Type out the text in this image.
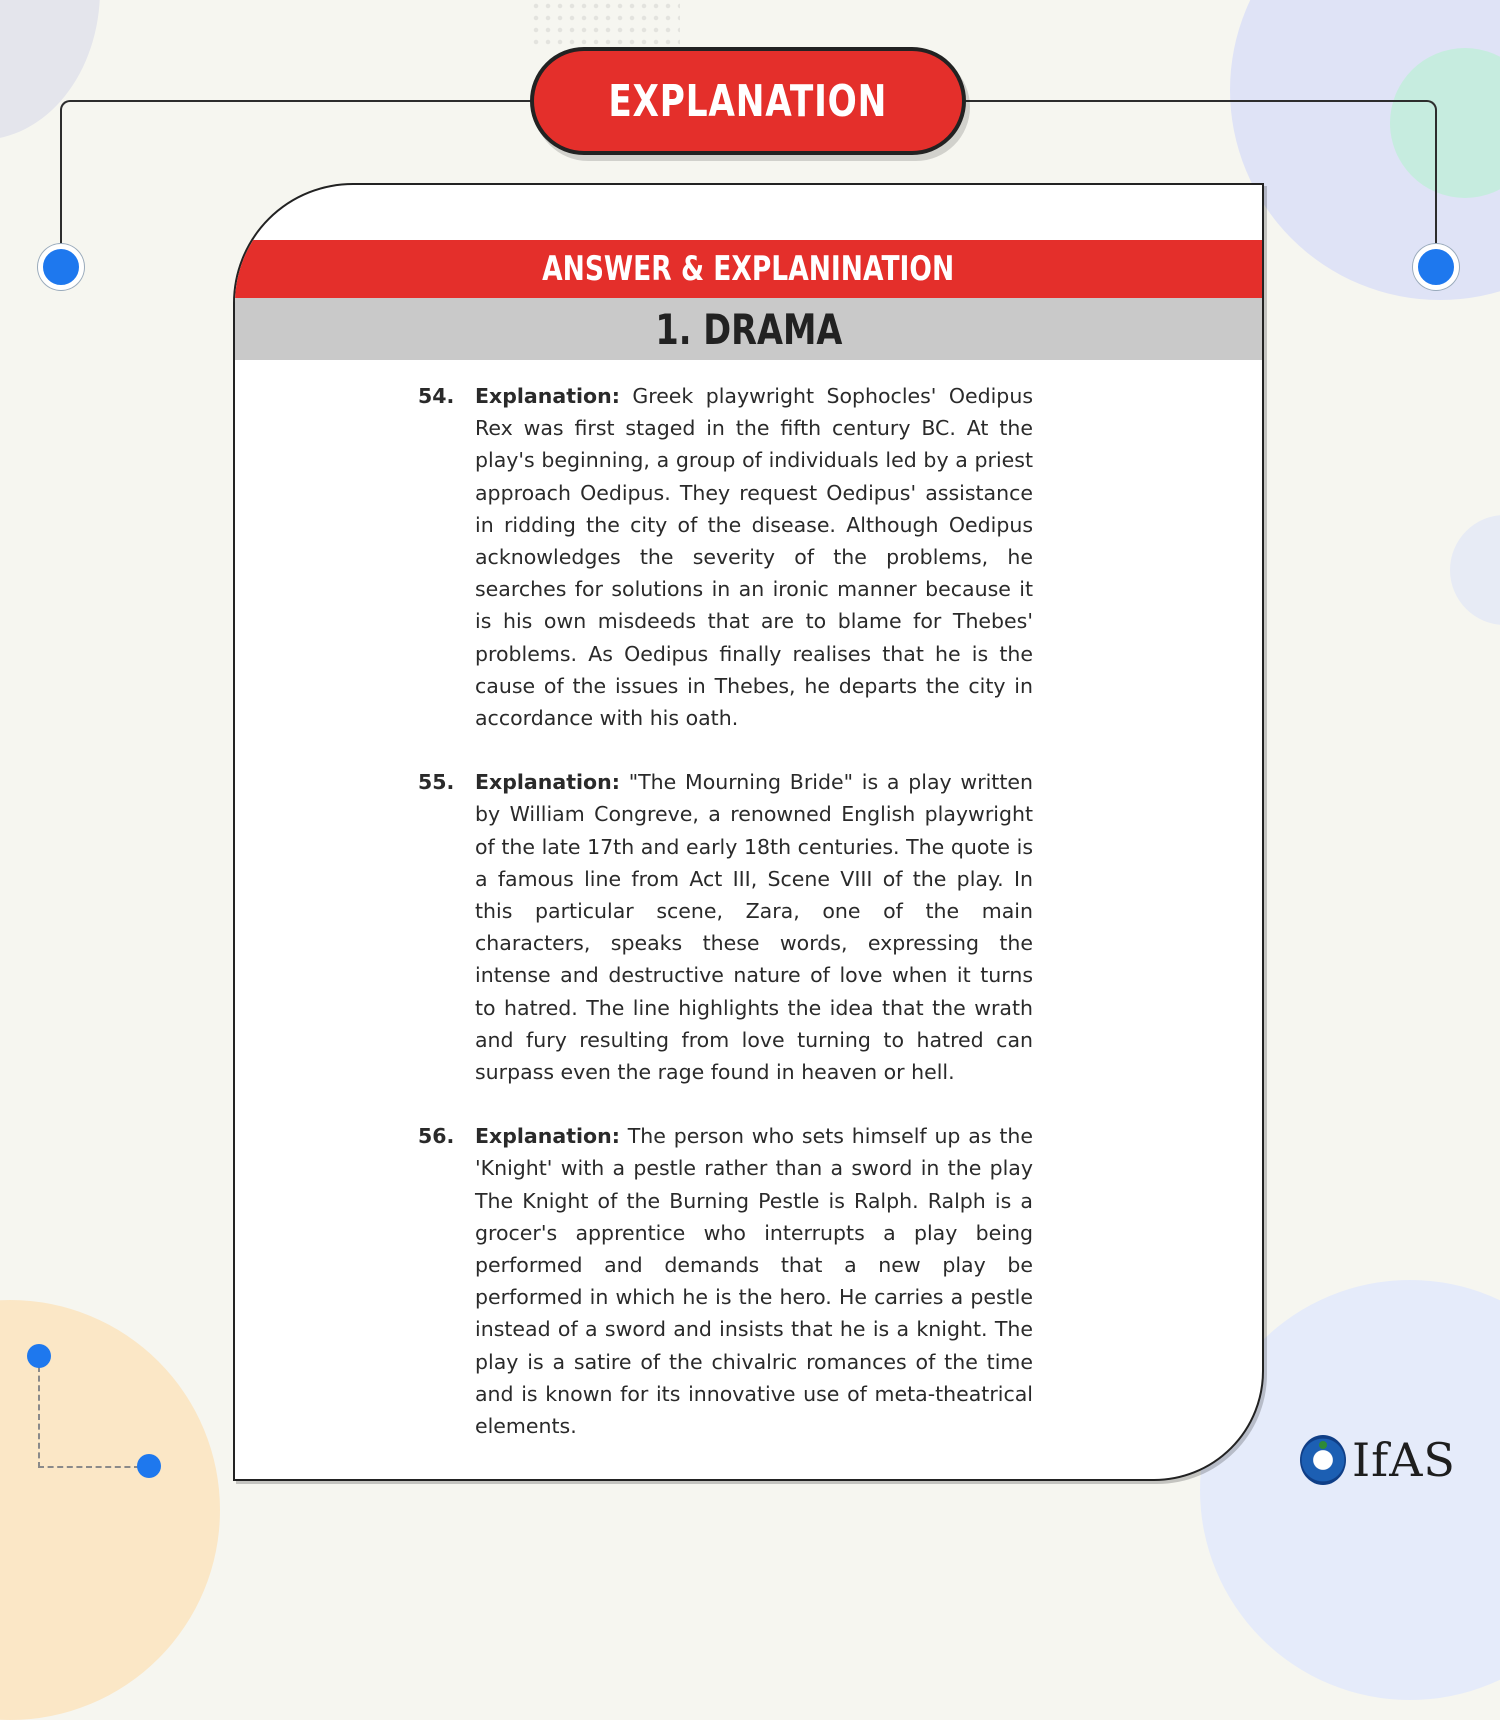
EXPLANATION
ANSWER & EXPLANINATION
1. DRAMA
54.	Explanation: Greek playwright Sophocles' Oedipus Rex was first staged in the fifth century BC. At the play's beginning, a group of individuals led by a priest approach Oedipus. They request Oedipus' assistance in ridding the city of the disease. Although Oedipus acknowledges the severity of the problems, he searches for solutions in an ironic manner because it is his own misdeeds that are to blame for Thebes' problems. As Oedipus finally realises that he is the cause of the issues in Thebes, he departs the city in accordance with his oath.
55.	Explanation: "The Mourning Bride" is a play written by William Congreve, a renowned English playwright of the late 17th and early 18th centuries. The quote is a famous line from Act III, Scene VIII of the play. In this particular scene, Zara, one of the main characters, speaks these words, expressing the intense and destructive nature of love when it turns to hatred. The line highlights the idea that the wrath and fury resulting from love turning to hatred can surpass even the rage found in heaven or hell.
56.	Explanation: The person who sets himself up as the 'Knight' with a pestle rather than a sword in the play The Knight of the Burning Pestle is Ralph. Ralph is a grocer's apprentice who interrupts a play being performed and demands that a new play be performed in which he is the hero. He carries a pestle instead of a sword and insists that he is a knight. The play is a satire of the chivalric romances of the time and is known for its innovative use of meta-theatrical elements.
IfAS
